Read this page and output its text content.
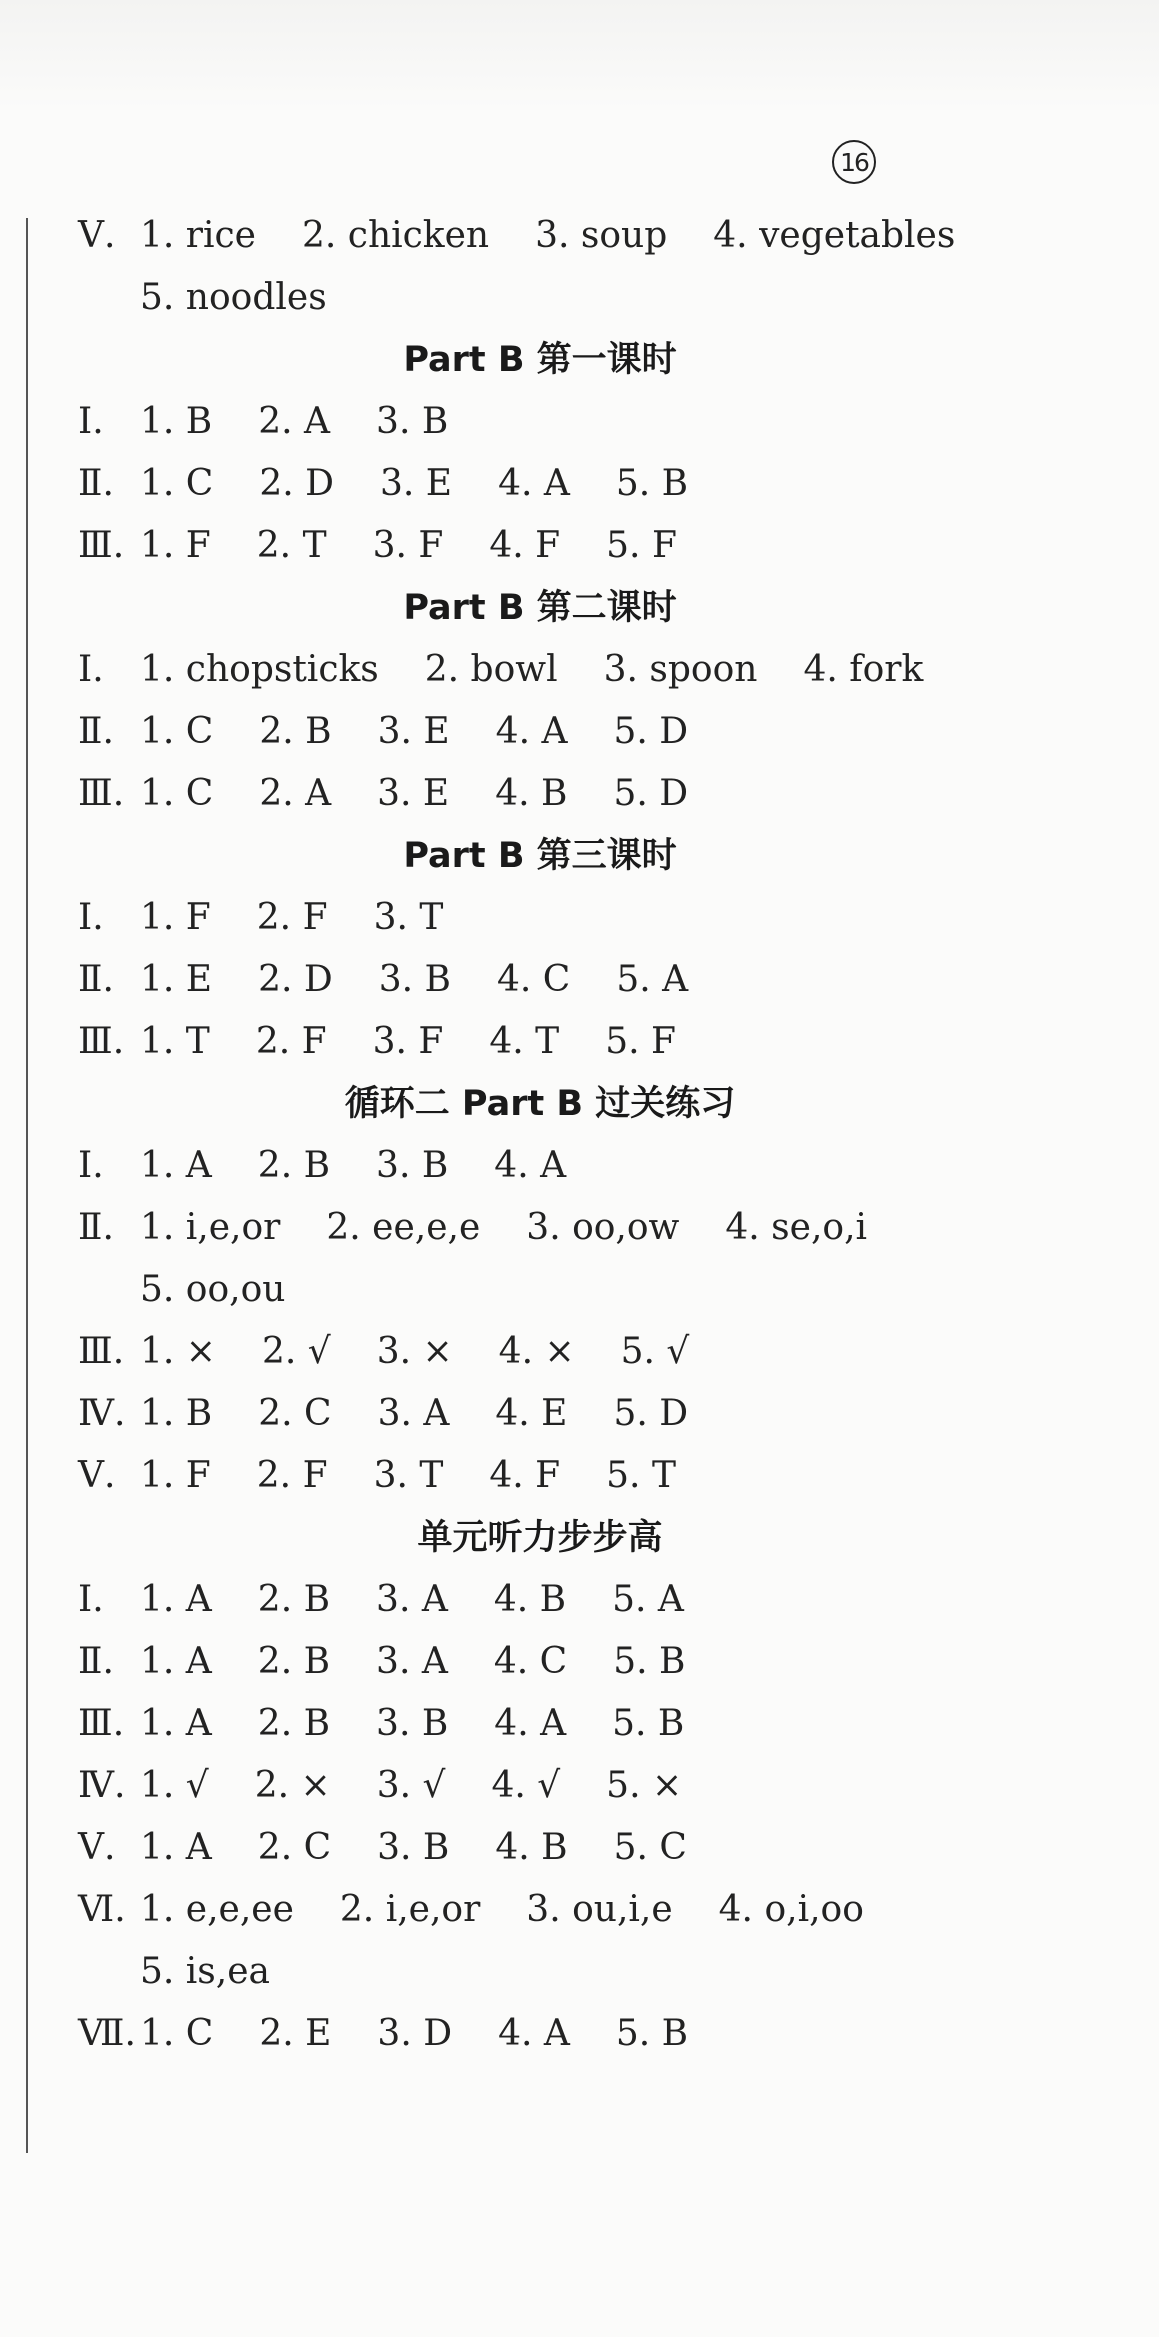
16
Ⅴ. 1. rice 2. chicken 3. soup 4. vegetables
5. noodles
Part B 第一课时
Ⅰ.	1. B 2. A 3. B
Ⅱ. 1. C 2. D 3. E 4. A 5. B
Ⅲ. 1. F 2. T 3. F 4. F 5. F
Part B 第二课时
Ⅰ.	1. chopsticks 2. bowl 3. spoon 4. fork
Ⅱ. 1. C 2. B 3. E 4. A 5. D
Ⅲ. 1. C 2. A 3. E 4. B 5. D
Part B 第三课时
Ⅰ.	1. F 2. F 3. T
Ⅱ. 1. E 2. D 3. B 4. C 5. A
Ⅲ. 1. T 2. F 3. F 4. T 5. F
循环二 Part B 过关练习
Ⅰ.	1. A 2. B 3. B 4. A
Ⅱ. 1. i,e,or 2. ee,e,e 3. oo,ow 4. se,o,i
5. oo,ou
Ⅲ. 1. × 2. √ 3. × 4. × 5. √
Ⅳ. 1. B 2. C 3. A 4. E 5. D
Ⅴ. 1. F 2. F 3. T 4. F 5. T
单元听力步步高
Ⅰ.	1. A 2. B 3. A 4. B 5. A
Ⅱ. 1. A 2. B 3. A 4. C 5. B
Ⅲ. 1. A 2. B 3. B 4. A 5. B
Ⅳ. 1. √ 2. × 3. √ 4. √ 5. ×
Ⅴ. 1. A 2. C 3. B 4. B 5. C
Ⅵ. 1. e,e,ee 2. i,e,or 3. ou,i,e 4. o,i,oo
5. is,ea
Ⅶ. 1. C 2. E 3. D 4. A 5. B
